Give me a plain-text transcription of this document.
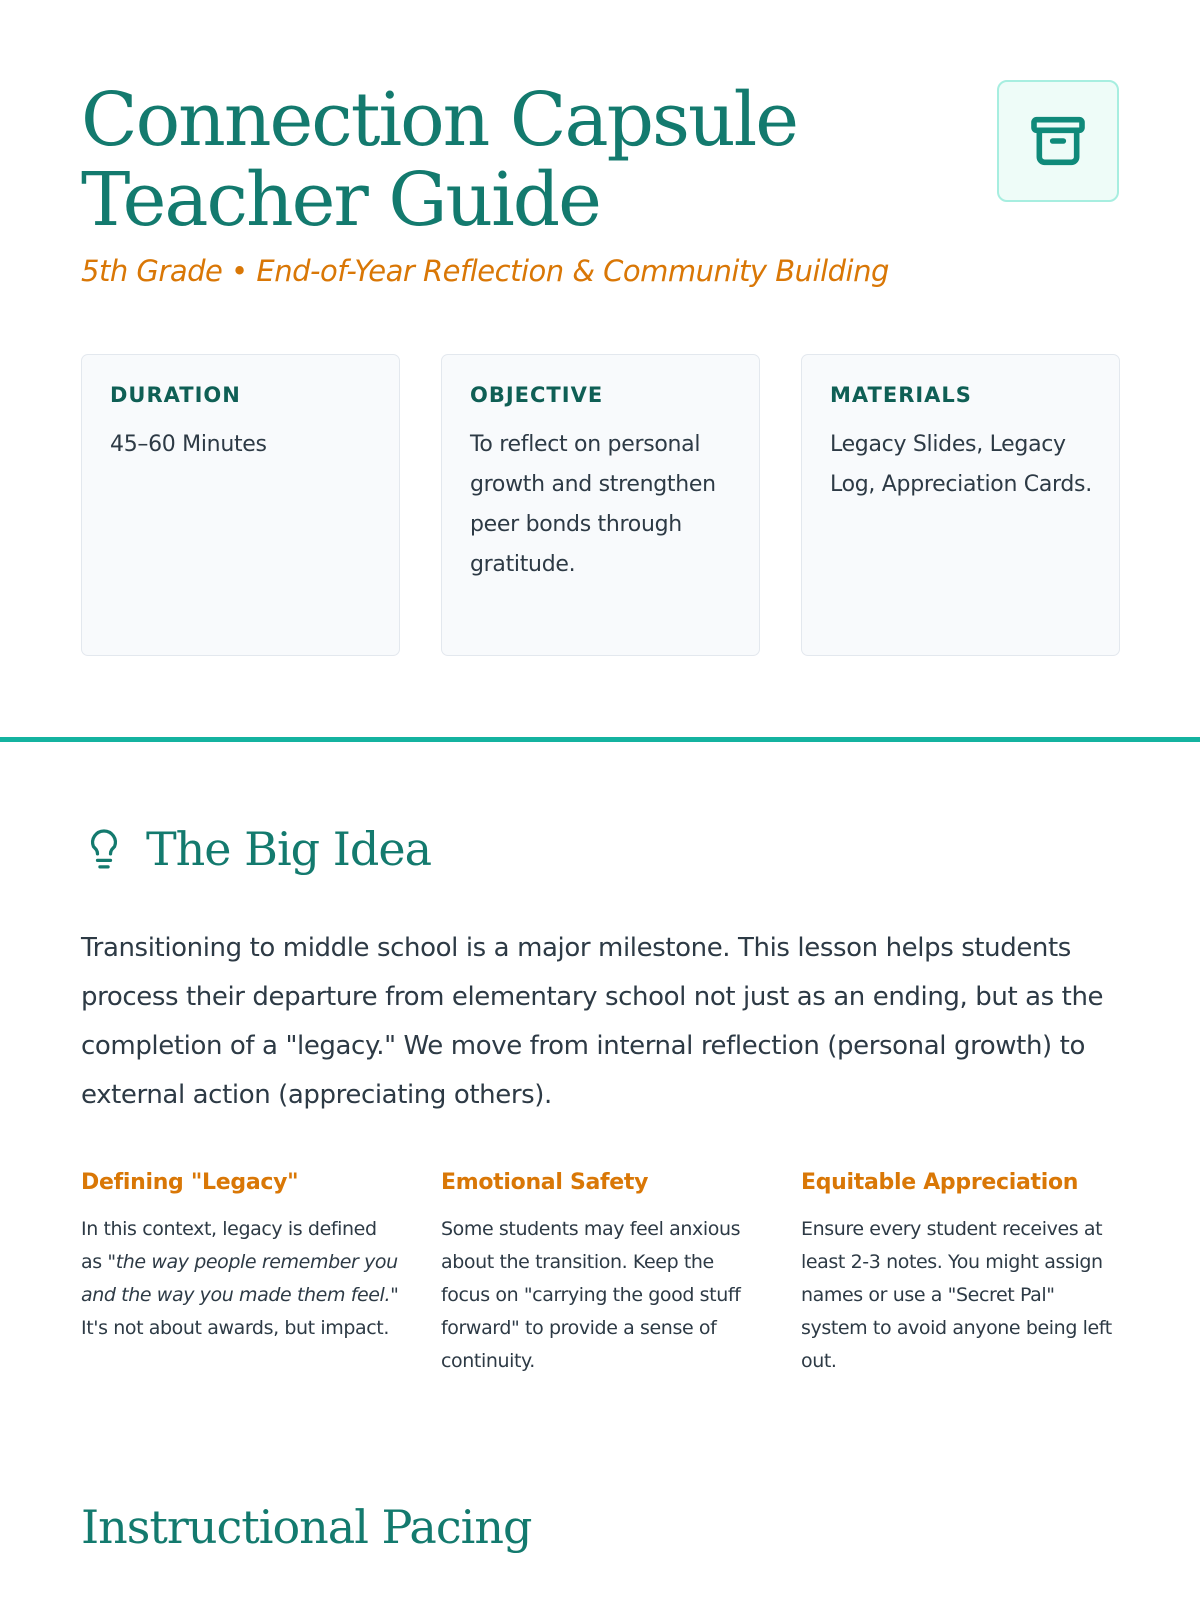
Connection Capsule
Teacher Guide
5th Grade • End-of-Year Reflection & Community Building
DURATION
45–60 Minutes
OBJECTIVE
To reflect on personal growth and strengthen peer bonds through gratitude.
MATERIALS
Legacy Slides, Legacy Log, Appreciation Cards.
The Big Idea
Transitioning to middle school is a major milestone. This lesson helps students process their departure from elementary school not just as an ending, but as the completion of a "legacy." We move from internal reflection (personal growth) to external action (appreciating others).
Defining "Legacy"
In this context, legacy is defined as "the way people remember you and the way you made them feel." It's not about awards, but impact.
Emotional Safety
Some students may feel anxious about the transition. Keep the focus on "carrying the good stuff forward" to provide a sense of continuity.
Equitable Appreciation
Ensure every student receives at least 2-3 notes. You might assign names or use a "Secret Pal" system to avoid anyone being left out.
Instructional Pacing
